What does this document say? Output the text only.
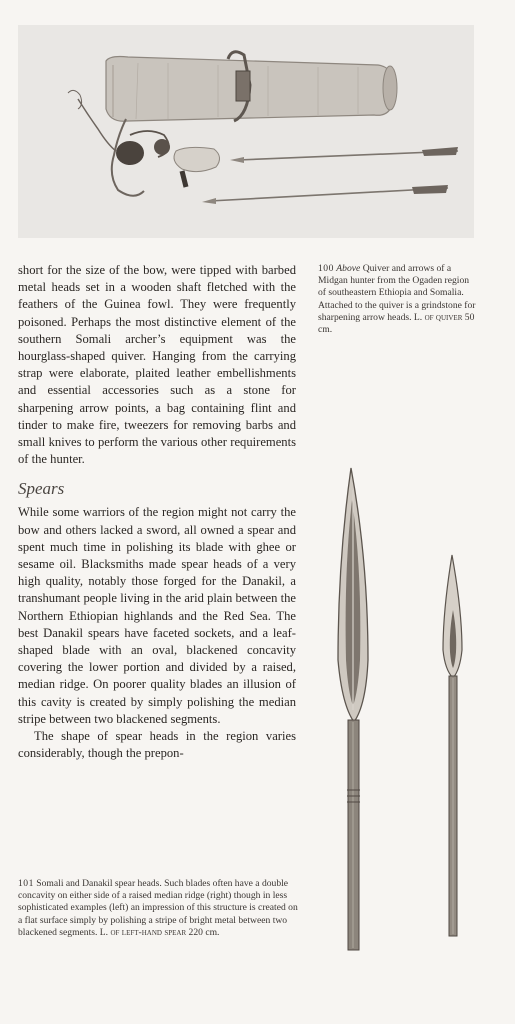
100 Above Quiver and arrows of a Midgan hunter from the Ogaden region of southeastern Ethiopia and Somalia. Attached to the quiver is a grindstone for sharpening arrow heads. L. of quiver 50 cm.

short for the size of the bow, were tipped with barbed metal heads set in a wooden shaft fletched with the feathers of the Guinea fowl. They were frequently poisoned. Perhaps the most distinctive element of the southern Somali archer’s equipment was the hourglass-shaped quiver. Hanging from the carrying strap were elaborate, plaited leather embellishments and essential accessories such as a stone for sharpening arrow points, a bag containing flint and tinder to make fire, tweezers for removing barbs and small knives to perform the various other requirements of the hunter.

Spears

While some warriors of the region might not carry the bow and others lacked a sword, all owned a spear and spent much time in polishing its blade with ghee or sesame oil. Blacksmiths made spear heads of a very high quality, notably those forged for the Danakil, a transhumant people living in the arid plain between the Northern Ethiopian highlands and the Red Sea. The best Danakil spears have faceted sockets, and a leaf-shaped blade with an oval, blackened concavity covering the lower portion and divided by a raised, median ridge. On poorer quality blades an illusion of this cavity is created by simply polishing the median stripe between two blackened segments.

The shape of spear heads in the region varies considerably, though the prepon-

101 Somali and Danakil spear heads. Such blades often have a double concavity on either side of a raised median ridge (right) though in less sophisticated examples (left) an impression of this structure is created on a flat surface simply by polishing a stripe of bright metal between two blackened segments. L. of left-hand spear 220 cm.
